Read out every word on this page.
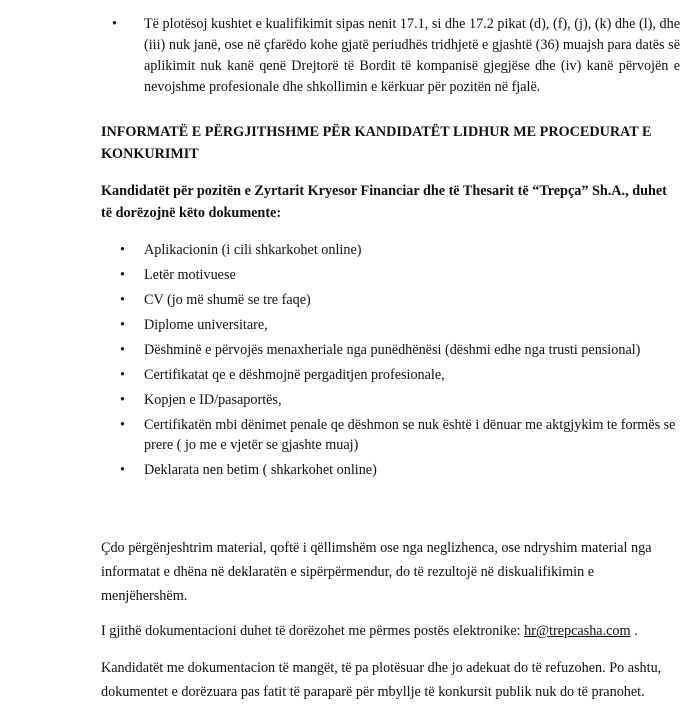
•	Të plotësoj kushtet e kualifikimit sipas nenit 17.1, si dhe 17.2 pikat (d), (f), (j), (k) dhe (l), dhe (iii) nuk janë, ose në çfarëdo kohe gjatë periudhës tridhjetë e gjashtë (36) muajsh para datës së aplikimit nuk kanë qenë Drejtorë të Bordit të kompanisë gjegjëse dhe (iv) kanë përvojën e nevojshme profesionale dhe shkollimin e kërkuar për pozitën në fjalë.
INFORMATË E PËRGJITHSHME PËR KANDIDATËT LIDHUR ME PROCEDURAT E KONKURIMIT
Kandidatët për pozitën e Zyrtarit Kryesor Financiar dhe të Thesarit të “Trepça” Sh.A., duhet të dorëzojnë këto dokumente:
• Aplikacionin (i cili shkarkohet online)
• Letër motivuese
• CV (jo më shumë se tre faqe)
• Diplome universitare,
• Dëshminë e përvojës menaxheriale nga punëdhënësi (dëshmi edhe nga trusti pensional)
• Certifikatat qe e dëshmojnë pergaditjen profesionale,
• Kopjen e ID/pasaportës,
• Certifikatën mbi dënimet penale qe dëshmon se nuk është i dënuar me aktgjykim te formës se prere ( jo me e vjetër se gjashte muaj)
• Deklarata nen betim ( shkarkohet online)
Çdo përgënjeshtrim material, qoftë i qëllimshëm ose nga neglizhenca, ose ndryshim material nga informatat e dhëna në deklaratën e sipërpërmendur, do të rezultojë në diskualifikimin e menjëhershëm.
I gjithë dokumentacioni duhet të dorëzohet me përmes postës elektronike: hr@trepcasha.com .
Kandidatët me dokumentacion të mangët, të pa plotësuar dhe jo adekuat do të refuzohen. Po ashtu, dokumentet e dorëzuara pas fatit të paraparë për mbyllje të konkursit publik nuk do të pranohet.
